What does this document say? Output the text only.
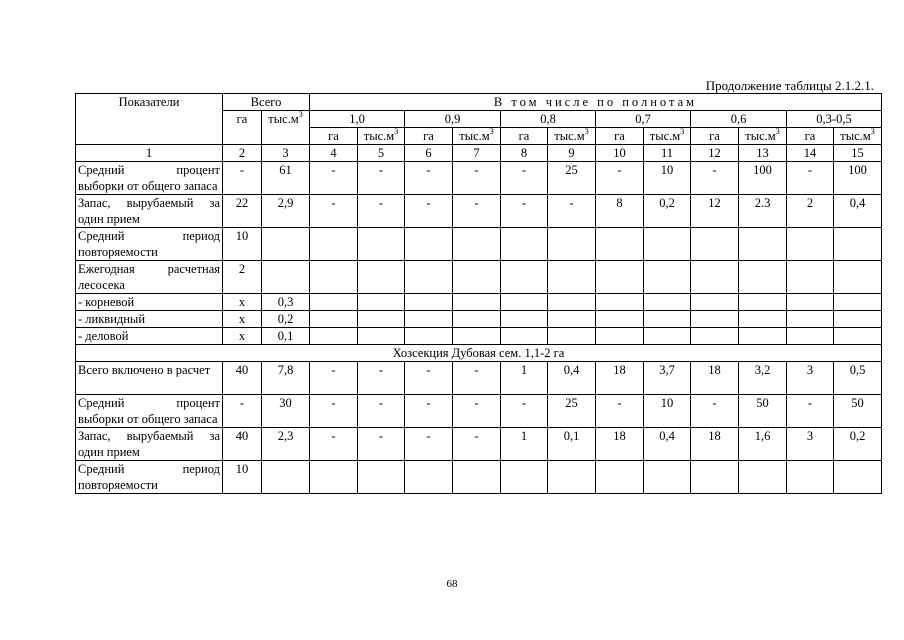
Продолжение таблицы 2.1.2.1.
Показатели	Всего		В том числе по полнотам											
	га	$тыс.м^3$	1,0		0,9		0,8		0,7		0,6		0,3-0,5	
			га	$тыс.м^3$	га	$тыс.м^3$	га	$тыс.м^3$	га	$тыс.м^3$	га	$тыс.м^3$	га	$тыс.м^3$
1	2	3	4	5	6	7	8	9	10	11	12	13	14	15
Средний процент выборки от общего запаса	-	61	-	-	-	-	-	25	-	10	-	100	-	100
Запас, вырубаемый за один прием	22	2,9	-	-	-	-	-	-	8	0,2	12	2.3	2	0,4
Средний период повторяемости	10													
Ежегодная расчетная лесосека	2													
- корневой	х	0,3												
- ликвидный	х	0,2												
- деловой	х	0,1												
Хозсекция Дубовая сем. 1,1-2 га														
Всего включено в расчет	40	7,8	-	-	-	-	1	0,4	18	3,7	18	3,2	3	0,5
Средний процент выборки от общего запаса	-	30	-	-	-	-	-	25	-	10	-	50	-	50
Запас, вырубаемый за один прием	40	2,3	-	-	-	-	1	0,1	18	0,4	18	1,6	3	0,2
Средний период повторяемости	10													
68
